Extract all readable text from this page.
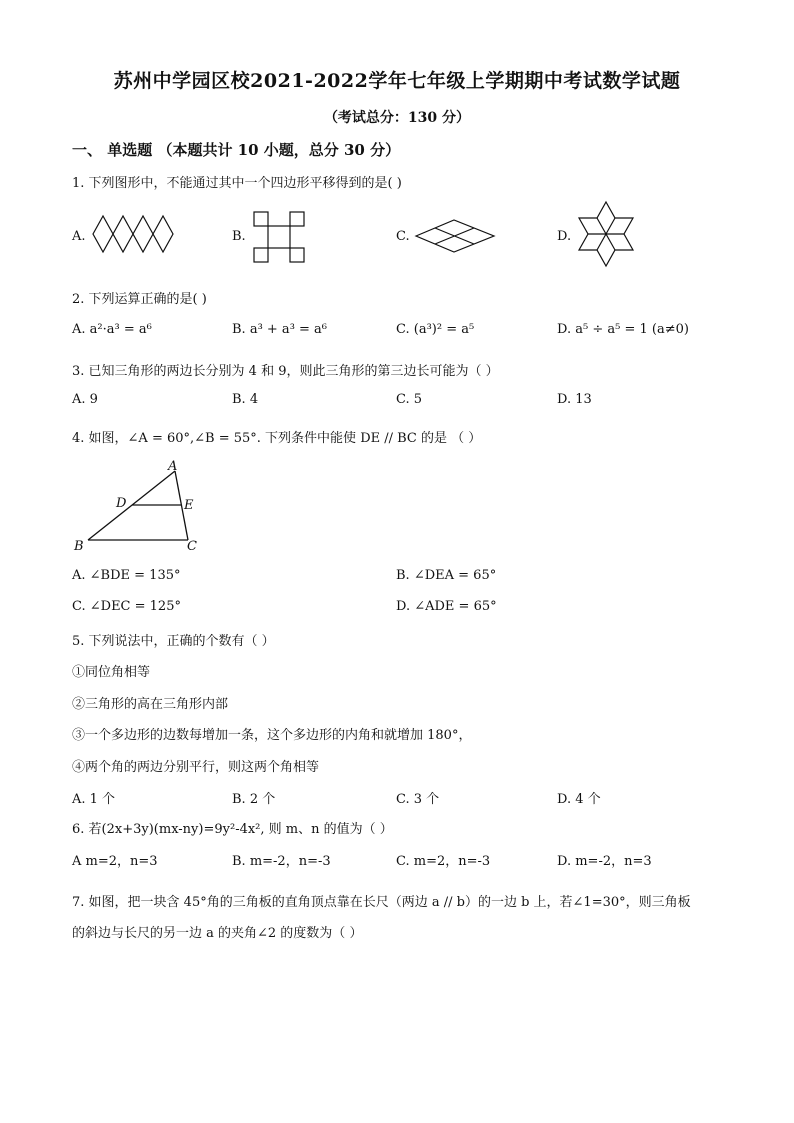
苏州中学园区校2021-2022学年七年级上学期期中考试数学试题
（考试总分：130 分）
一、 单选题 （本题共计 10 小题，总分 30 分）
1. 下列图形中，不能通过其中一个四边形平移得到的是( )
A.	B.	C.	D.
2. 下列运算正确的是( )
A. a²·a³ = a⁶	B. a³ + a³ = a⁶	C. (a³)² = a⁵	D. a⁵ ÷ a⁵ = 1 (a≠0)
3. 已知三角形的两边长分别为 4 和 9，则此三角形的第三边长可能为（ ）
A. 9	B. 4	C. 5	D. 13
4. 如图，∠A = 60°,∠B = 55°. 下列条件中能使 DE // BC 的是 （ ）
A
D	E
B	C
A. ∠BDE = 135°	B. ∠DEA = 65°
C. ∠DEC = 125°	D. ∠ADE = 65°
5. 下列说法中，正确的个数有（ ）
①同位角相等
②三角形的高在三角形内部
③一个多边形的边数每增加一条，这个多边形的内角和就增加 180°，
④两个角的两边分别平行，则这两个角相等
A. 1 个	B. 2 个	C. 3 个	D. 4 个
6. 若(2x+3y)(mx-ny)=9y²-4x², 则 m、n 的值为（ ）
A m=2，n=3	B. m=-2，n=-3	C. m=2，n=-3	D. m=-2，n=3
7. 如图，把一块含 45°角的三角板的直角顶点靠在长尺（两边 a // b）的一边 b 上，若∠1=30°，则三角板
的斜边与长尺的另一边 a 的夹角∠2 的度数为（ ）
